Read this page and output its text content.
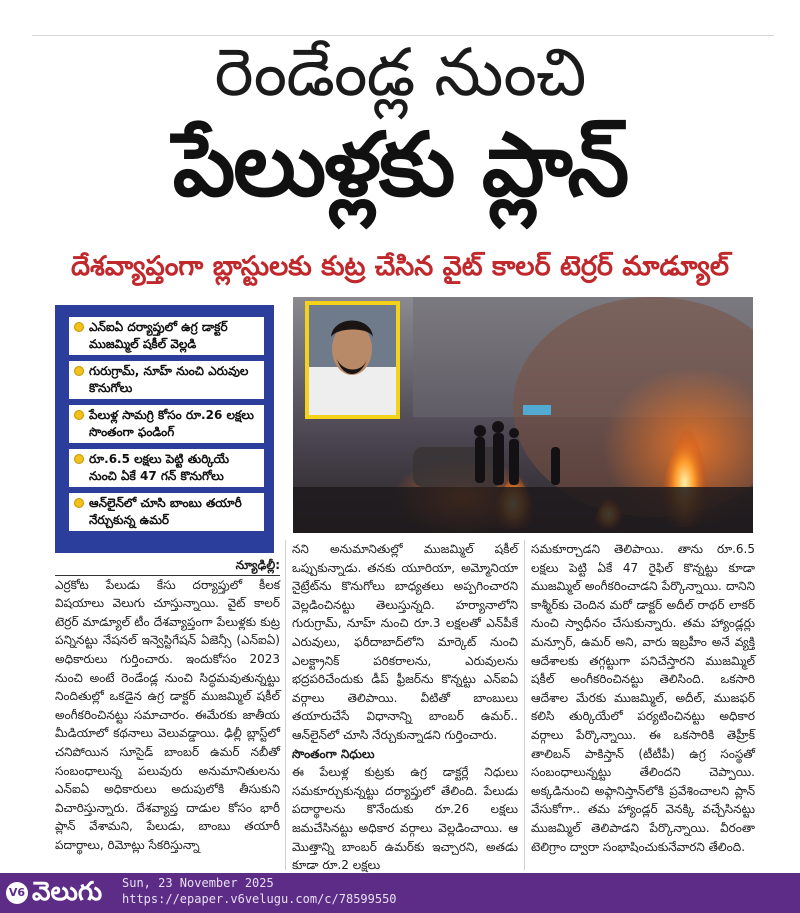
రెండేండ్ల నుంచి
పేలుళ్లకు ప్లాన్
దేశవ్యాప్తంగా బ్లాస్టులకు కుట్ర చేసిన వైట్ కాలర్ టెర్రర్ మాడ్యూల్
ఎన్ఐఏ దర్యాప్తులో ఉగ్ర డాక్టర్ ముజమ్మిల్ షకీల్ వెల్లడి
గురుగ్రామ్, నూహ్ నుంచి ఎరువుల కొనుగోలు
పేలుళ్ల సామగ్రి కోసం రూ.26 లక్షలు సొంతంగా ఫండింగ్
రూ.6.5 లక్షలు పెట్టి తుర్కియే నుంచి ఏకే 47 గన్ కొనుగోలు
ఆన్‌లైన్‌లో చూసి బాంబు తయారీ నేర్చుకున్న ఉమర్

న్యూఢిల్లీ:

ఎర్రకోట పేలుడు కేసు దర్యాప్తులో కీలక విషయాలు వెలుగు చూస్తున్నాయి. వైట్ కాలర్ టెర్రర్ మాడ్యూల్ టీం దేశవ్యాప్తంగా పేలుళ్లకు కుట్ర పన్నినట్టు నేషనల్ ఇన్వెస్టిగేషన్ ఏజెన్సీ (ఎన్ఐఏ) అధికారులు గుర్తించారు. ఇందుకోసం 2023 నుంచి అంటే రెండేండ్ల నుంచి సిద్ధమవుతున్నట్టు నిందితుల్లో ఒకడైన ఉగ్ర డాక్టర్ ముజమ్మిల్ షకీల్ అంగీకరించినట్టు సమాచారం. ఈమేరకు జాతీయ మీడియాలో కథనాలు వెలువడ్డాయి. ఢిల్లీ బ్లాస్ట్‌లో చనిపోయిన సూసైడ్ బాంబర్ ఉమర్ నబీతో సంబంధాలున్న పలువురు అనుమానితులను ఎన్ఐఏ అధికారులు అదుపులోకి తీసుకుని విచారిస్తున్నారు. దేశవ్యాప్త దాడుల కోసం భారీ ప్లాన్ వేశామని, పేలుడు, బాంబు తయారీ పదార్థాలు, రిమోట్లు సేకరిస్తున్నా

నని అనుమానితుల్లో ముజమ్మిల్ షకీల్ ఒప్పుకున్నాడు. తనకు యూరియా, అమ్మోనియా నైట్రేట్‌ను కొనుగోలు బాధ్యతలు అప్పగించారని వెల్లడించినట్టు తెలుస్తున్నది. హర్యానాలోని గురుగ్రామ్, నూహ్ నుంచి రూ.3 లక్షలతో ఎన్‌పీకే ఎరువులు, ఫరీదాబాద్‌లోని మార్కెట్ నుంచి ఎలక్ట్రానిక్ పరికరాలను, ఎరువులను భద్రపరిచేందుకు డీప్ ఫ్రీజర్‌ను కొన్నట్టు ఎన్ఐఏ వర్గాలు తెలిపాయి. వీటితో బాంబులు తయారుచేసే విధానాన్ని బాంబర్ ఉమర్.. ఆన్‌లైన్‌లో చూసి నేర్చుకున్నాడని గుర్తించారు.

సొంతంగా నిధులు

ఈ పేలుళ్ల కుట్రకు ఉగ్ర డాక్టర్లే నిధులు సమకూర్చుకున్నట్టు దర్యాప్తులో తేలింది. పేలుడు పదార్థాలను కొనేందుకు రూ.26 లక్షలు జమచేసినట్టు అధికార వర్గాలు వెల్లడించాయి. ఆ మొత్తాన్ని బాంబర్ ఉమర్‌కు ఇచ్చారని, అతడు కూడా రూ.2 లక్షలు

సమకూర్చాడని తెలిపాయి. తాను రూ.6.5 లక్షలు పెట్టి ఏకే 47 రైఫిల్ కొన్నట్టు కూడా ముజమ్మిల్ అంగీకరించాడని పేర్కొన్నాయి. దానిని కాశ్మీర్‌కు చెందిన మరో డాక్టర్ అదీల్ రాథర్ లాకర్ నుంచి స్వాధీనం చేసుకున్నారు. తమ హ్యాండ్లర్లు మన్సూర్, ఉమర్ అని, వారు ఇబ్రహీం అనే వ్యక్తి ఆదేశాలకు తగ్గట్టుగా పనిచేస్తారని ముజమ్మిల్ షకీల్ అంగీకరించినట్టు తెలిసింది. ఒకసారి ఆదేశాల మేరకు ముజమ్మిల్, అదీల్, ముజఫర్ కలిసి తుర్కియేలో పర్యటించినట్టు అధికార వర్గాలు పేర్కొన్నాయి. ఈ ఒకసారికి తెహ్రీక్ తాలిబన్ పాకిస్తాన్ (టీటీపీ) ఉగ్ర సంస్థతో సంబంధాలున్నట్టు తేలిందని చెప్పాయి. అక్కడినుంచి అఫ్గానిస్తాన్‌లోకి ప్రవేశించాలని ప్లాన్ వేసుకోగా.. తమ హ్యాండ్లర్ వెనక్కి వచ్చేసినట్టు ముజమ్మిల్ తెలిపాడని పేర్కొన్నాయి. వీరంతా టెలిగ్రాం ద్వారా సంభాషించుకునేవారని తేలింది.

V6 వెలుగు Sun, 23 November 2025
https://epaper.v6velugu.com/c/78599550
